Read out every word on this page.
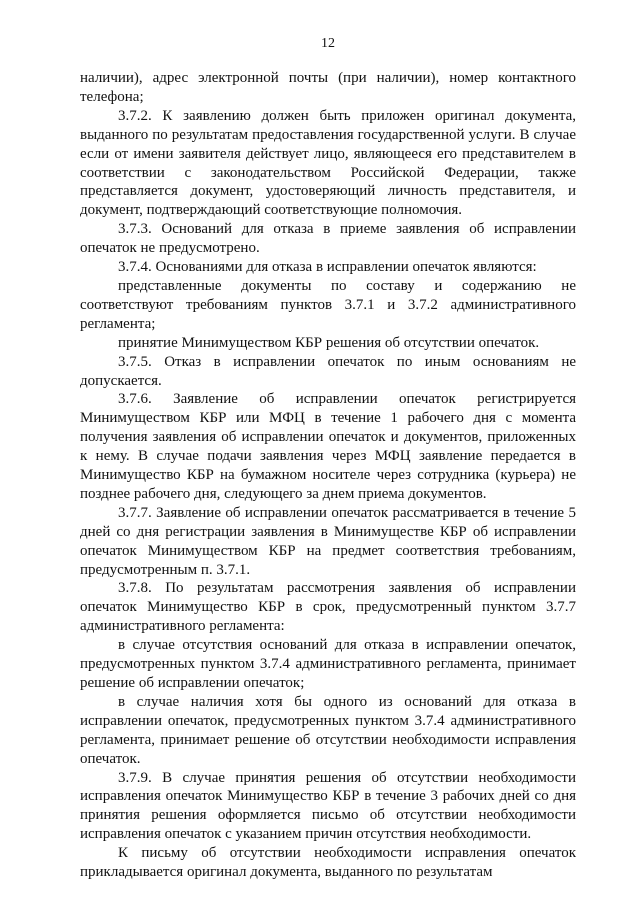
12

наличии), адрес электронной почты (при наличии), номер контактного телефона;

3.7.2. К заявлению должен быть приложен оригинал документа, выданного по результатам предоставления государственной услуги. В случае если от имени заявителя действует лицо, являющееся его представителем в соответствии с законодательством Российской Федерации, также представляется документ, удостоверяющий личность представителя, и документ, подтверждающий соответствующие полномочия.

3.7.3. Оснований для отказа в приеме заявления об исправлении опечаток не предусмотрено.

3.7.4. Основаниями для отказа в исправлении опечаток являются:

представленные документы по составу и содержанию не соответствуют требованиям пунктов 3.7.1 и 3.7.2 административного регламента;

принятие Минимуществом КБР решения об отсутствии опечаток.

3.7.5. Отказ в исправлении опечаток по иным основаниям не допускается.

3.7.6. Заявление об исправлении опечаток регистрируется Минимуществом КБР или МФЦ в течение 1 рабочего дня с момента получения заявления об исправлении опечаток и документов, приложенных к нему. В случае подачи заявления через МФЦ заявление передается в Минимущество КБР на бумажном носителе через сотрудника (курьера) не позднее рабочего дня, следующего за днем приема документов.

3.7.7. Заявление об исправлении опечаток рассматривается в течение 5 дней со дня регистрации заявления в Минимуществе КБР об исправлении опечаток Минимуществом КБР на предмет соответствия требованиям, предусмотренным п. 3.7.1.

3.7.8. По результатам рассмотрения заявления об исправлении опечаток Минимущество КБР в срок, предусмотренный пунктом 3.7.7 административного регламента:

в случае отсутствия оснований для отказа в исправлении опечаток, предусмотренных пунктом 3.7.4 административного регламента, принимает решение об исправлении опечаток;

в случае наличия хотя бы одного из оснований для отказа в исправлении опечаток, предусмотренных пунктом 3.7.4 административного регламента, принимает решение об отсутствии необходимости исправления опечаток.

3.7.9. В случае принятия решения об отсутствии необходимости исправления опечаток Минимущество КБР в течение 3 рабочих дней со дня принятия решения оформляется письмо об отсутствии необходимости исправления опечаток с указанием причин отсутствия необходимости.

К письму об отсутствии необходимости исправления опечаток прикладывается оригинал документа, выданного по результатам
